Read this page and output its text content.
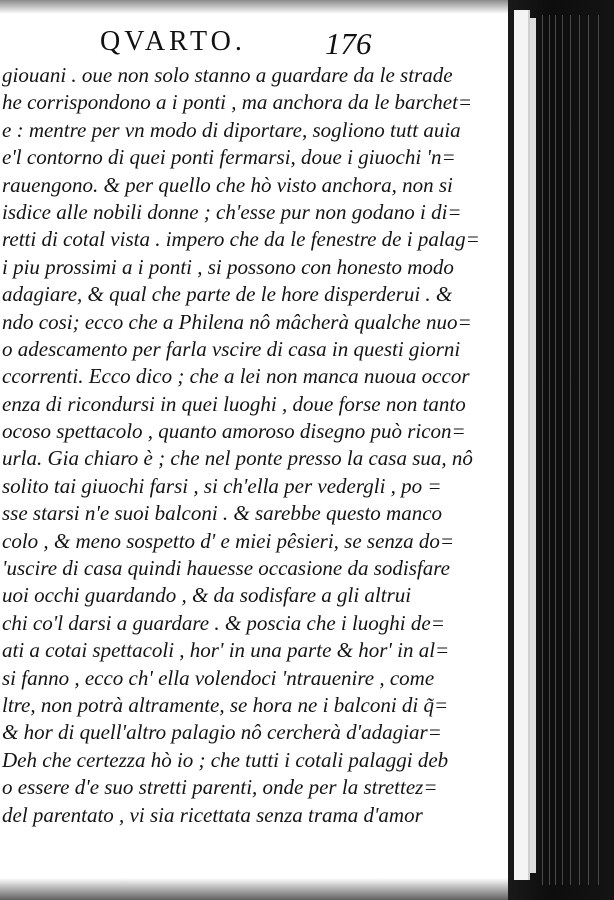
QVARTO.	176
giouani . oue non solo stanno a guardare da le strade
he corrispondono a i ponti , ma anchora da le barchet=
e : mentre per vn modo di diportare, sogliono tutt auia
e'l contorno di quei ponti fermarsi, doue i giuochi 'n=
rauengono. & per quello che hò visto anchora, non si
isdice alle nobili donne ; ch'esse pur non godano i di=
retti di cotal vista . impero che da le fenestre de i palag=
i piu prossimi a i ponti , si possono con honesto modo
adagiare, & qual che parte de le hore disperderui . &
ndo cosi; ecco che a Philena nô mâcherà qualche nuo=
o adescamento per farla vscire di casa in questi giorni
ccorrenti. Ecco dico ; che a lei non manca nuoua occor
enza di ricondursi in quei luoghi , doue forse non tanto
ocoso spettacolo , quanto amoroso disegno può ricon=
urla. Gia chiaro è ; che nel ponte presso la casa sua, nô
solito tai giuochi farsi , si ch'ella per vedergli , po =
sse starsi n'e suoi balconi . & sarebbe questo manco
colo , & meno sospetto d' e miei pêsieri, se senza do=
'uscire di casa quindi hauesse occasione da sodisfare
uoi occhi guardando , & da sodisfare a gli altrui
chi co'l darsi a guardare . & poscia che i luoghi de=
ati a cotai spettacoli , hor' in una parte & hor' in al=
si fanno , ecco ch' ella volendoci 'ntrauenire , come
ltre, non potrà altramente, se hora ne i balconi di q̃=
& hor di quell'altro palagio nô cercherà d'adagiar=
Deh che certezza hò io ; che tutti i cotali palaggi deb
o essere d'e suo stretti parenti, onde per la strettez=
del parentato , vi sia ricettata senza trama d'amor
